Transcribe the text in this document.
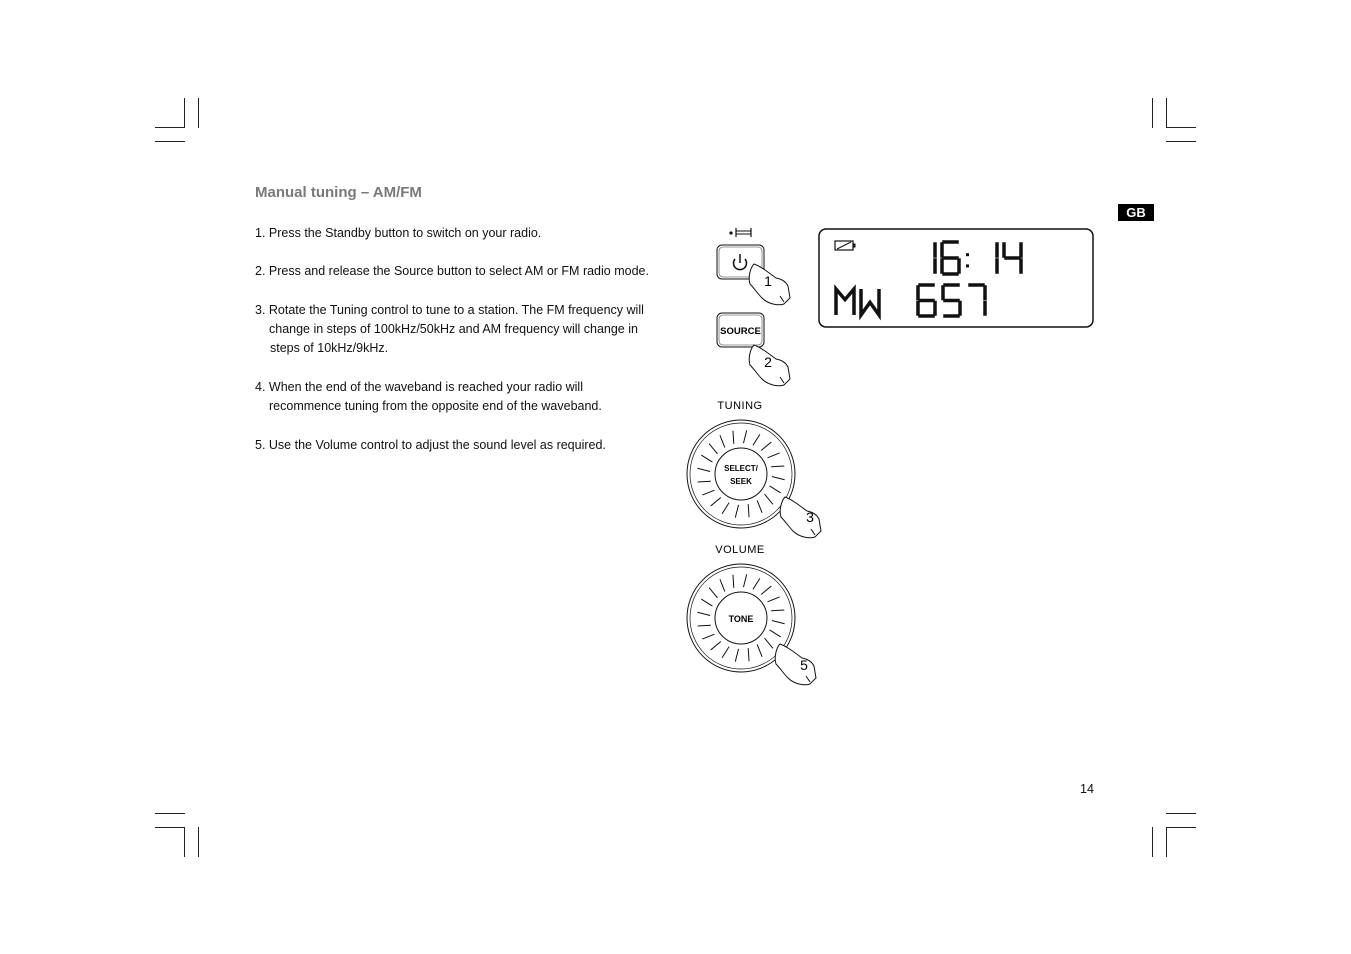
Manual tuning – AM/FM
1. Press the Standby button to switch on your radio.
2. Press and release the Source button to select AM or FM radio mode.
3. Rotate the Tuning control to tune to a station. The FM frequency will
change in steps of 100kHz/50kHz and AM frequency will change in
steps of 10kHz/9kHz.
4. When the end of the waveband is reached your radio will
recommence tuning from the opposite end of the waveband.
5. Use the Volume control to adjust the sound level as required.
GB
14
1
SOURCE
2
TUNING
SELECT/
SEEK
3
VOLUME
TONE
5
